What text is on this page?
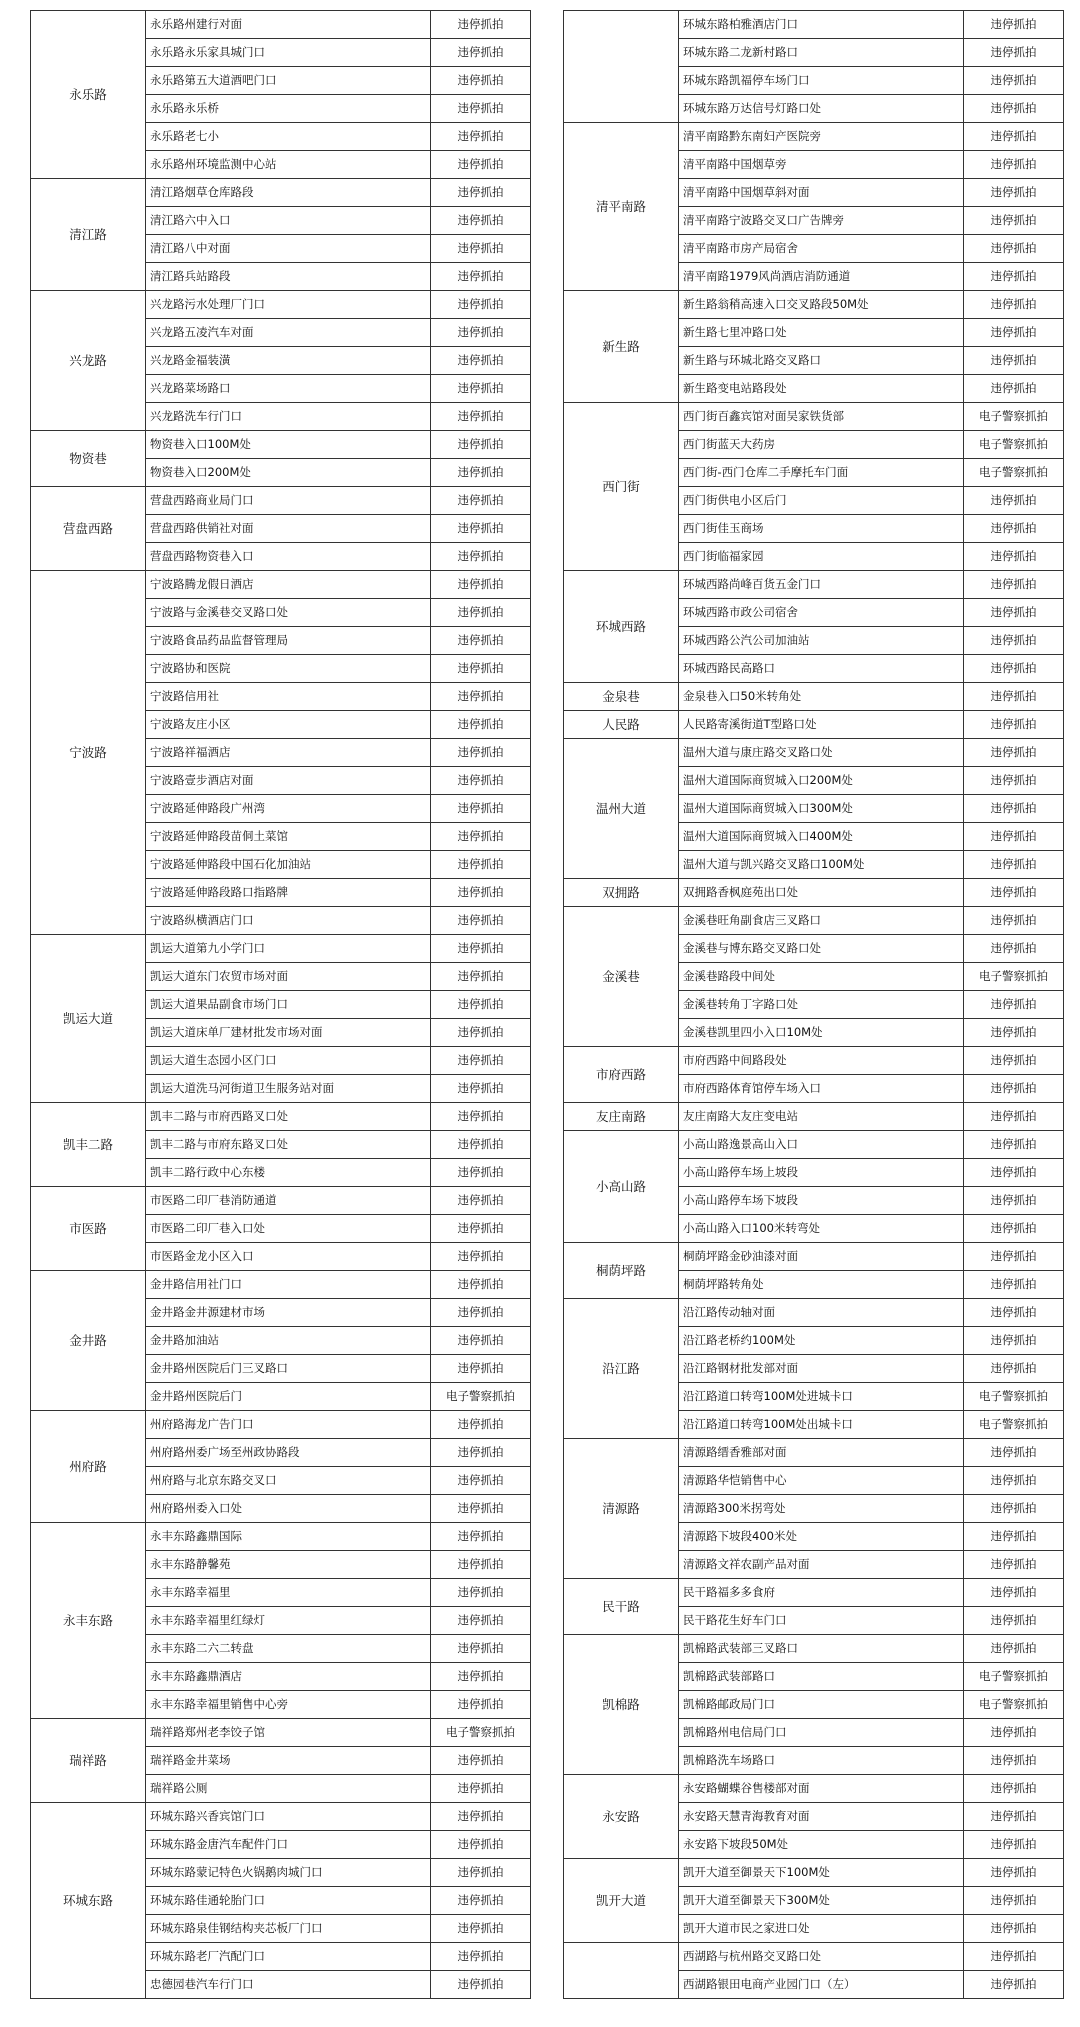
永乐路	永乐路州建行对面	违停抓拍
	永乐路永乐家具城门口	违停抓拍
	永乐路第五大道酒吧门口	违停抓拍
	永乐路永乐桥	违停抓拍
	永乐路老七小	违停抓拍
	永乐路州环境监测中心站	违停抓拍
清江路	清江路烟草仓库路段	违停抓拍
	清江路六中入口	违停抓拍
	清江路八中对面	违停抓拍
	清江路兵站路段	违停抓拍
兴龙路	兴龙路污水处理厂门口	违停抓拍
	兴龙路五凌汽车对面	违停抓拍
	兴龙路金福装潢	违停抓拍
	兴龙路菜场路口	违停抓拍
	兴龙路洗车行门口	违停抓拍
物资巷	物资巷入口100M处	违停抓拍
	物资巷入口200M处	违停抓拍
营盘西路	营盘西路商业局门口	违停抓拍
	营盘西路供销社对面	违停抓拍
	营盘西路物资巷入口	违停抓拍
宁波路	宁波路腾龙假日酒店	违停抓拍
	宁波路与金溪巷交叉路口处	违停抓拍
	宁波路食品药品监督管理局	违停抓拍
	宁波路协和医院	违停抓拍
	宁波路信用社	违停抓拍
	宁波路友庄小区	违停抓拍
	宁波路祥福酒店	违停抓拍
	宁波路壹步酒店对面	违停抓拍
	宁波路延伸路段广州湾	违停抓拍
	宁波路延伸路段苗侗土菜馆	违停抓拍
	宁波路延伸路段中国石化加油站	违停抓拍
	宁波路延伸路段路口指路牌	违停抓拍
	宁波路纵横酒店门口	违停抓拍
凯运大道	凯运大道第九小学门口	违停抓拍
	凯运大道东门农贸市场对面	违停抓拍
	凯运大道果品副食市场门口	违停抓拍
	凯运大道床单厂建材批发市场对面	违停抓拍
	凯运大道生态园小区门口	违停抓拍
	凯运大道洗马河街道卫生服务站对面	违停抓拍
凯丰二路	凯丰二路与市府西路叉口处	违停抓拍
	凯丰二路与市府东路叉口处	违停抓拍
	凯丰二路行政中心东楼	违停抓拍
市医路	市医路二印厂巷消防通道	违停抓拍
	市医路二印厂巷入口处	违停抓拍
	市医路金龙小区入口	违停抓拍
金井路	金井路信用社门口	违停抓拍
	金井路金井源建材市场	违停抓拍
	金井路加油站	违停抓拍
	金井路州医院后门三叉路口	违停抓拍
	金井路州医院后门	电子警察抓拍
州府路	州府路海龙广告门口	违停抓拍
	州府路州委广场至州政协路段	违停抓拍
	州府路与北京东路交叉口	违停抓拍
	州府路州委入口处	违停抓拍
永丰东路	永丰东路鑫鼎国际	违停抓拍
	永丰东路静馨苑	违停抓拍
	永丰东路幸福里	违停抓拍
	永丰东路幸福里红绿灯	违停抓拍
	永丰东路二六二转盘	违停抓拍
	永丰东路鑫鼎酒店	违停抓拍
	永丰东路幸福里销售中心旁	违停抓拍
瑞祥路	瑞祥路郑州老李饺子馆	电子警察抓拍
	瑞祥路金井菜场	违停抓拍
	瑞祥路公厕	违停抓拍
环城东路	环城东路兴香宾馆门口	违停抓拍
	环城东路金唐汽车配件门口	违停抓拍
	环城东路蒙记特色火锅鹅肉城门口	违停抓拍
	环城东路佳通轮胎门口	违停抓拍
	环城东路泉佳钢结构夹芯板厂门口	违停抓拍
	环城东路老厂汽配门口	违停抓拍
	忠德园巷汽车行门口	违停抓拍
	环城东路柏雅酒店门口	违停抓拍
	环城东路二龙新村路口	违停抓拍
	环城东路凯福停车场门口	违停抓拍
	环城东路万达信号灯路口处	违停抓拍
清平南路	清平南路黔东南妇产医院旁	违停抓拍
	清平南路中国烟草旁	违停抓拍
	清平南路中国烟草斜对面	违停抓拍
	清平南路宁波路交叉口广告牌旁	违停抓拍
	清平南路市房产局宿舍	违停抓拍
	清平南路1979风尚酒店消防通道	违停抓拍
新生路	新生路翁稍高速入口交叉路段50M处	违停抓拍
	新生路七里冲路口处	违停抓拍
	新生路与环城北路交叉路口	违停抓拍
	新生路变电站路段处	违停抓拍
西门街	西门街百鑫宾馆对面吴家铁货部	电子警察抓拍
	西门街蓝天大药房	电子警察抓拍
	西门街-西门仓库二手摩托车门面	电子警察抓拍
	西门街供电小区后门	违停抓拍
	西门街佳玉商场	违停抓拍
	西门街临福家园	违停抓拍
环城西路	环城西路尚峰百货五金门口	违停抓拍
	环城西路市政公司宿舍	违停抓拍
	环城西路公汽公司加油站	违停抓拍
	环城西路民高路口	违停抓拍
金泉巷	金泉巷入口50米转角处	违停抓拍
人民路	人民路寄溪街道T型路口处	违停抓拍
温州大道	温州大道与康庄路交叉路口处	违停抓拍
	温州大道国际商贸城入口200M处	违停抓拍
	温州大道国际商贸城入口300M处	违停抓拍
	温州大道国际商贸城入口400M处	违停抓拍
	温州大道与凯兴路交叉路口100M处	违停抓拍
双拥路	双拥路香枫庭苑出口处	违停抓拍
金溪巷	金溪巷旺角副食店三叉路口	违停抓拍
	金溪巷与博东路交叉路口处	违停抓拍
	金溪巷路段中间处	电子警察抓拍
	金溪巷转角丁字路口处	违停抓拍
	金溪巷凯里四小入口10M处	违停抓拍
市府西路	市府西路中间路段处	违停抓拍
	市府西路体育馆停车场入口	违停抓拍
友庄南路	友庄南路大友庄变电站	违停抓拍
小高山路	小高山路逸景高山入口	违停抓拍
	小高山路停车场上坡段	违停抓拍
	小高山路停车场下坡段	违停抓拍
	小高山路入口100米转弯处	违停抓拍
桐荫坪路	桐荫坪路金砂油漆对面	违停抓拍
	桐荫坪路转角处	违停抓拍
沿江路	沿江路传动轴对面	违停抓拍
	沿江路老桥约100M处	违停抓拍
	沿江路钢材批发部对面	违停抓拍
	沿江路道口转弯100M处进城卡口	电子警察抓拍
	沿江路道口转弯100M处出城卡口	电子警察抓拍
清源路	清源路缙香雅部对面	违停抓拍
	清源路华恺销售中心	违停抓拍
	清源路300米拐弯处	违停抓拍
	清源路下坡段400米处	违停抓拍
	清源路文祥农副产品对面	违停抓拍
民干路	民干路福多多食府	违停抓拍
	民干路花生好车门口	违停抓拍
凯棉路	凯棉路武装部三叉路口	违停抓拍
	凯棉路武装部路口	电子警察抓拍
	凯棉路邮政局门口	电子警察抓拍
	凯棉路州电信局门口	违停抓拍
	凯棉路洗车场路口	违停抓拍
永安路	永安路蝴蝶谷售楼部对面	违停抓拍
	永安路天慧青海教育对面	违停抓拍
	永安路下坡段50M处	违停抓拍
凯开大道	凯开大道至御景天下100M处	违停抓拍
	凯开大道至御景天下300M处	违停抓拍
	凯开大道市民之家进口处	违停抓拍
	西湖路与杭州路交叉路口处	违停抓拍
	西湖路银田电商产业园门口（左）	违停抓拍
